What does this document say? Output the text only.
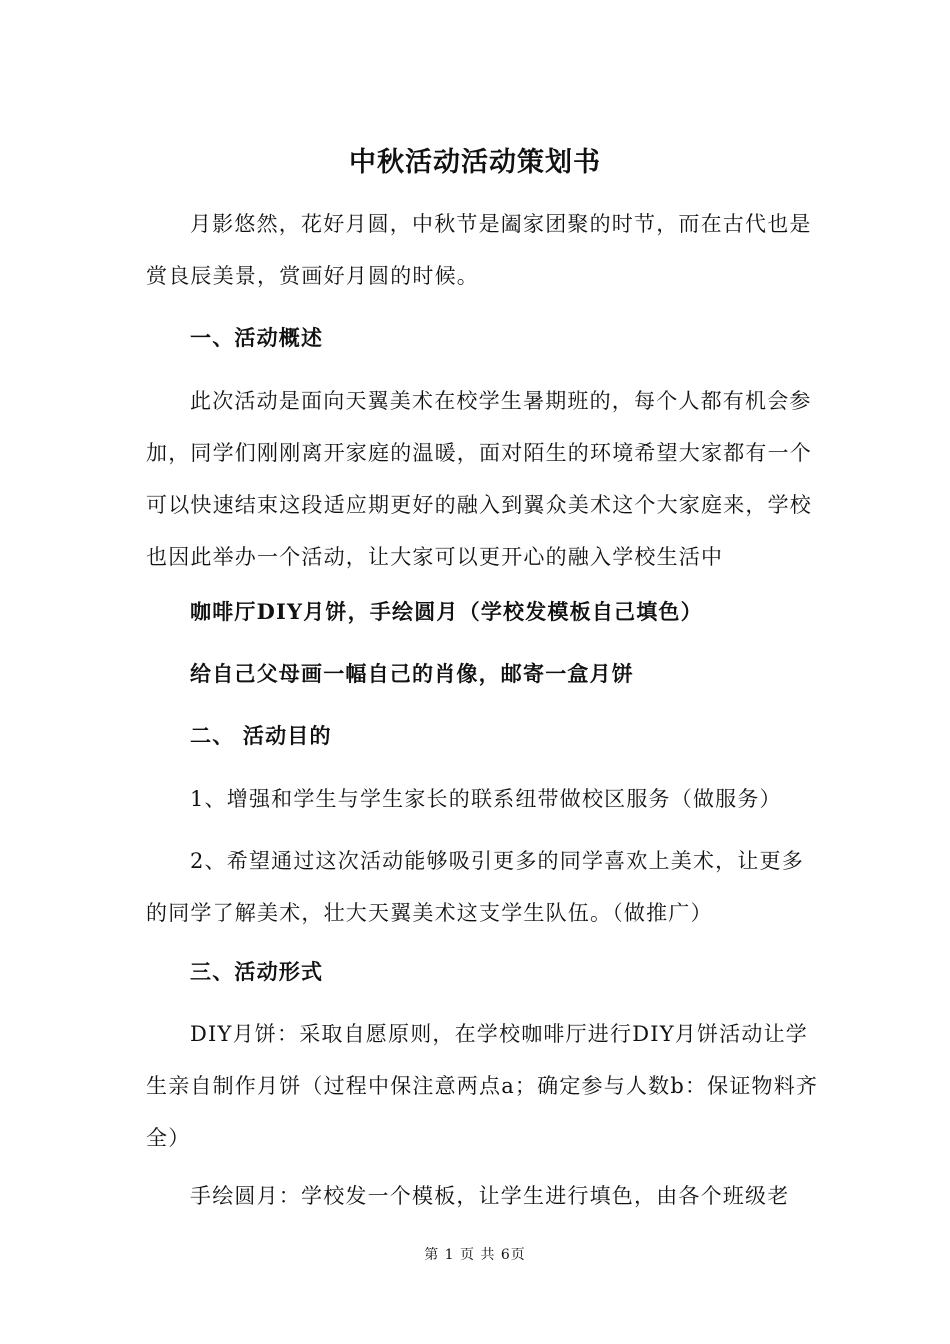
中秋活动活动策划书
月影悠然，花好月圆，中秋节是阖家团聚的时节，而在古代也是赏良辰美景，赏画好月圆的时候。
一、活动概述
此次活动是面向天翼美术在校学生暑期班的，每个人都有机会参加，同学们刚刚离开家庭的温暖，面对陌生的环境希望大家都有一个可以快速结束这段适应期更好的融入到翼众美术这个大家庭来，学校也因此举办一个活动，让大家可以更开心的融入学校生活中
咖啡厅DIY月饼，手绘圆月（学校发模板自己填色）
给自己父母画一幅自己的肖像，邮寄一盒月饼
二、 活动目的
1、增强和学生与学生家长的联系纽带做校区服务（做服务）
2、希望通过这次活动能够吸引更多的同学喜欢上美术，让更多的同学了解美术，壮大天翼美术这支学生队伍。（做推广）
三、活动形式
DIY月饼：采取自愿原则，在学校咖啡厅进行DIY月饼活动让学生亲自制作月饼（过程中保注意两点a；确定参与人数b：保证物料齐全）
手绘圆月：学校发一个模板，让学生进行填色，由各个班级老
第 1 页 共 6页
